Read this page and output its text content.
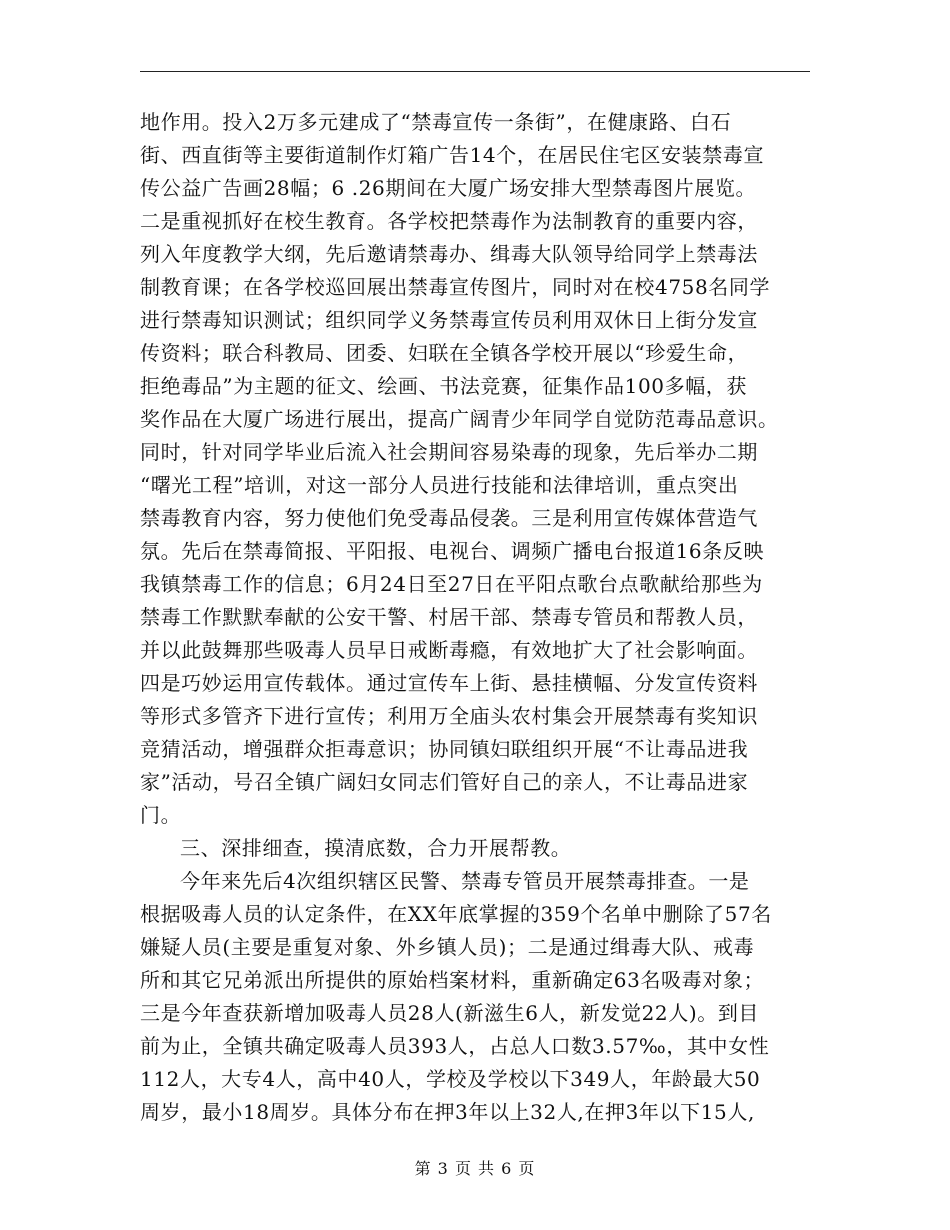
地作用。投入2万多元建成了“禁毒宣传一条街”，在健康路、白石
街、西直街等主要街道制作灯箱广告14个，在居民住宅区安装禁毒宣
传公益广告画28幅；6 .26期间在大厦广场安排大型禁毒图片展览。
二是重视抓好在校生教育。各学校把禁毒作为法制教育的重要内容，
列入年度教学大纲，先后邀请禁毒办、缉毒大队领导给同学上禁毒法
制教育课；在各学校巡回展出禁毒宣传图片，同时对在校4758名同学
进行禁毒知识测试；组织同学义务禁毒宣传员利用双休日上街分发宣
传资料；联合科教局、团委、妇联在全镇各学校开展以“珍爱生命，
拒绝毒品”为主题的征文、绘画、书法竞赛，征集作品100多幅，获
奖作品在大厦广场进行展出，提高广阔青少年同学自觉防范毒品意识。
同时，针对同学毕业后流入社会期间容易染毒的现象，先后举办二期
“曙光工程”培训，对这一部分人员进行技能和法律培训，重点突出
禁毒教育内容，努力使他们免受毒品侵袭。三是利用宣传媒体营造气
氛。先后在禁毒简报、平阳报、电视台、调频广播电台报道16条反映
我镇禁毒工作的信息；6月24日至27日在平阳点歌台点歌献给那些为
禁毒工作默默奉献的公安干警、村居干部、禁毒专管员和帮教人员，
并以此鼓舞那些吸毒人员早日戒断毒瘾，有效地扩大了社会影响面。
四是巧妙运用宣传载体。通过宣传车上街、悬挂横幅、分发宣传资料
等形式多管齐下进行宣传；利用万全庙头农村集会开展禁毒有奖知识
竞猜活动，增强群众拒毒意识；协同镇妇联组织开展“不让毒品进我
家”活动，号召全镇广阔妇女同志们管好自己的亲人，不让毒品进家
门。
三、深排细查，摸清底数，合力开展帮教。
今年来先后4次组织辖区民警、禁毒专管员开展禁毒排查。一是
根据吸毒人员的认定条件，在XX年底掌握的359个名单中删除了57名
嫌疑人员(主要是重复对象、外乡镇人员)；二是通过缉毒大队、戒毒
所和其它兄弟派出所提供的原始档案材料，重新确定63名吸毒对象；
三是今年查获新增加吸毒人员28人(新滋生6人，新发觉22人)。到目
前为止，全镇共确定吸毒人员393人，占总人口数3.57‰，其中女性
112人，大专4人，高中40人，学校及学校以下349人，年龄最大50
周岁，最小18周岁。具体分布在押3年以上32人,在押3年以下15人,
第 3 页 共 6 页
